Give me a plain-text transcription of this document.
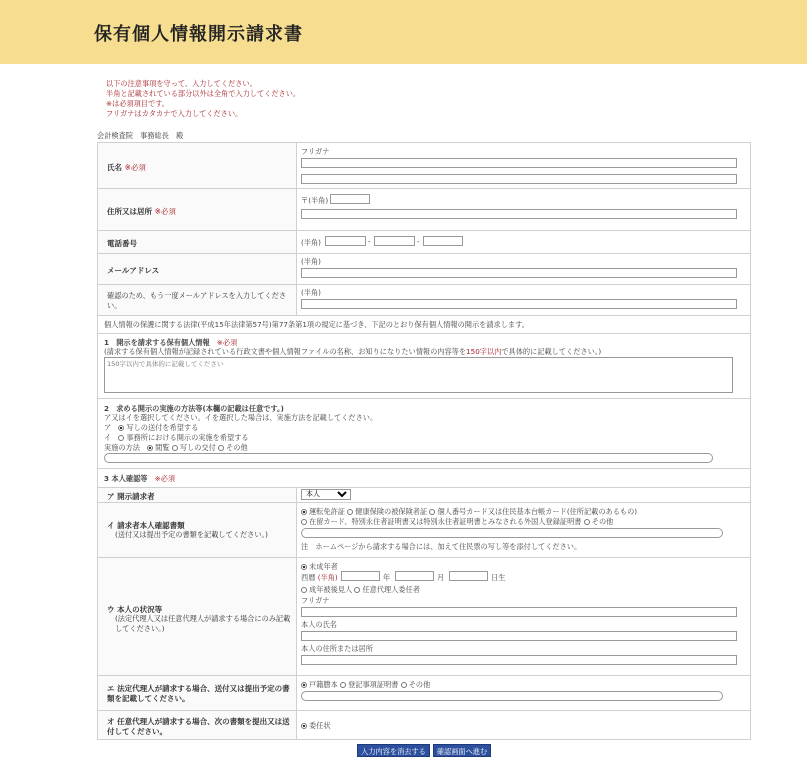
保有個人情報開示請求書
以下の注意事項を守って、入力してください。
半角と記載されている部分以外は全角で入力してください。
※は必須項目です。
フリガナはカタカナで入力してください。
会計検査院　事務総長　殿
氏名 ※必須
フリガナ
住所又は居所 ※必須
〒(半角)
電話番号	(半角)	-	-
メールアドレス
(半角)
確認のため、もう一度メールアドレスを入力してください。
(半角)
個人情報の保護に関する法律(平成15年法律第57号)第77条第1項の規定に基づき、下記のとおり保有個人情報の開示を請求します。
1　開示を請求する保有個人情報　 ※必須
(請求する保有個人情報が記録されている行政文書や個人情報ファイルの名称、お知りになりたい情報の内容等を150字以内で具体的に記載してください。)
150字以内で具体的に記載してください
2　求める開示の実施の方法等(本欄の記載は任意です。)
ア又はイを選択してください。イを選択した場合は、実施方法を記載してください。
ア　 写しの送付を希望する
イ　 事務所における開示の実施を希望する
実施の方法　 閲覧 写しの交付 その他
3 本人確認等　 ※必須
ア 開示請求者
本人
イ 請求者本人確認書類
(送付又は提出予定の書類を記載してください。)
運転免許証 健康保険の被保険者証 個人番号カード又は住民基本台帳カード(住所記載のあるもの)
在留カード、特別永住者証明書又は特別永住者証明書とみなされる外国人登録証明書 その他
注　ホームページから請求する場合には、加えて住民票の写し等を添付してください。
ウ 本人の状況等
(法定代理人又は任意代理人が請求する場合にのみ記載してください。)
未成年者
西暦 (半角)	年	月	日生
成年被後見人 任意代理人委任者
フリガナ
本人の氏名
本人の住所または居所
エ 法定代理人が請求する場合、送付又は提出予定の書類を記載してください。
戸籍謄本 登記事項証明書 その他
オ 任意代理人が請求する場合、次の書類を提出又は送付してください。
委任状
入力内容を消去する	確認画面へ進む
